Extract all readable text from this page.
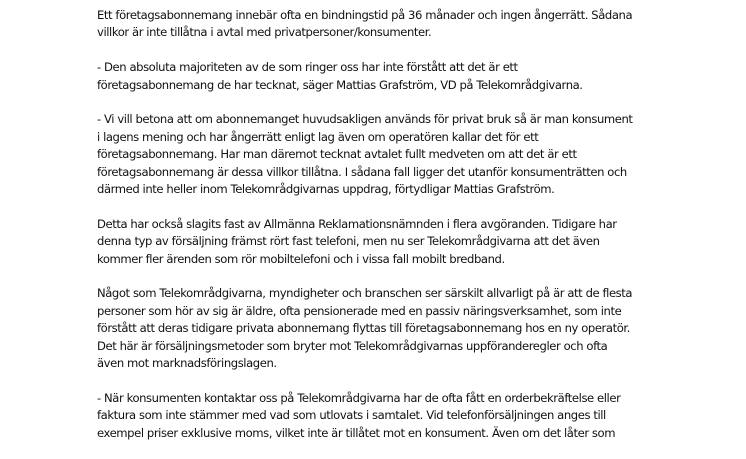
Ett företagsabonnemang innebär ofta en bindningstid på 36 månader och ingen ångerrätt. Sådana
villkor är inte tillåtna i avtal med privatpersoner/konsumenter.

- Den absoluta majoriteten av de som ringer oss har inte förstått att det är ett
företagsabonnemang de har tecknat, säger Mattias Grafström, VD på Telekområdgivarna.

- Vi vill betona att om abonnemanget huvudsakligen används för privat bruk så är man konsument
i lagens mening och har ångerrätt enligt lag även om operatören kallar det för ett
företagsabonnemang. Har man däremot tecknat avtalet fullt medveten om att det är ett
företagsabonnemang är dessa villkor tillåtna. I sådana fall ligger det utanför konsumenträtten och
därmed inte heller inom Telekområdgivarnas uppdrag, förtydligar Mattias Grafström.

Detta har också slagits fast av Allmänna Reklamationsnämnden i flera avgöranden. Tidigare har
denna typ av försäljning främst rört fast telefoni, men nu ser Telekområdgivarna att det även
kommer fler ärenden som rör mobiltelefoni och i vissa fall mobilt bredband.

Något som Telekområdgivarna, myndigheter och branschen ser särskilt allvarligt på är att de flesta
personer som hör av sig är äldre, ofta pensionerade med en passiv näringsverksamhet, som inte
förstått att deras tidigare privata abonnemang flyttas till företagsabonnemang hos en ny operatör.
Det här är försäljningsmetoder som bryter mot Telekområdgivarnas uppföranderegler och ofta
även mot marknadsföringslagen.

- När konsumenten kontaktar oss på Telekområdgivarna har de ofta fått en orderbekräftelse eller
faktura som inte stämmer med vad som utlovats i samtalet. Vid telefonförsäljningen anges till
exempel priser exklusive moms, vilket inte är tillåtet mot en konsument. Även om det låter som
